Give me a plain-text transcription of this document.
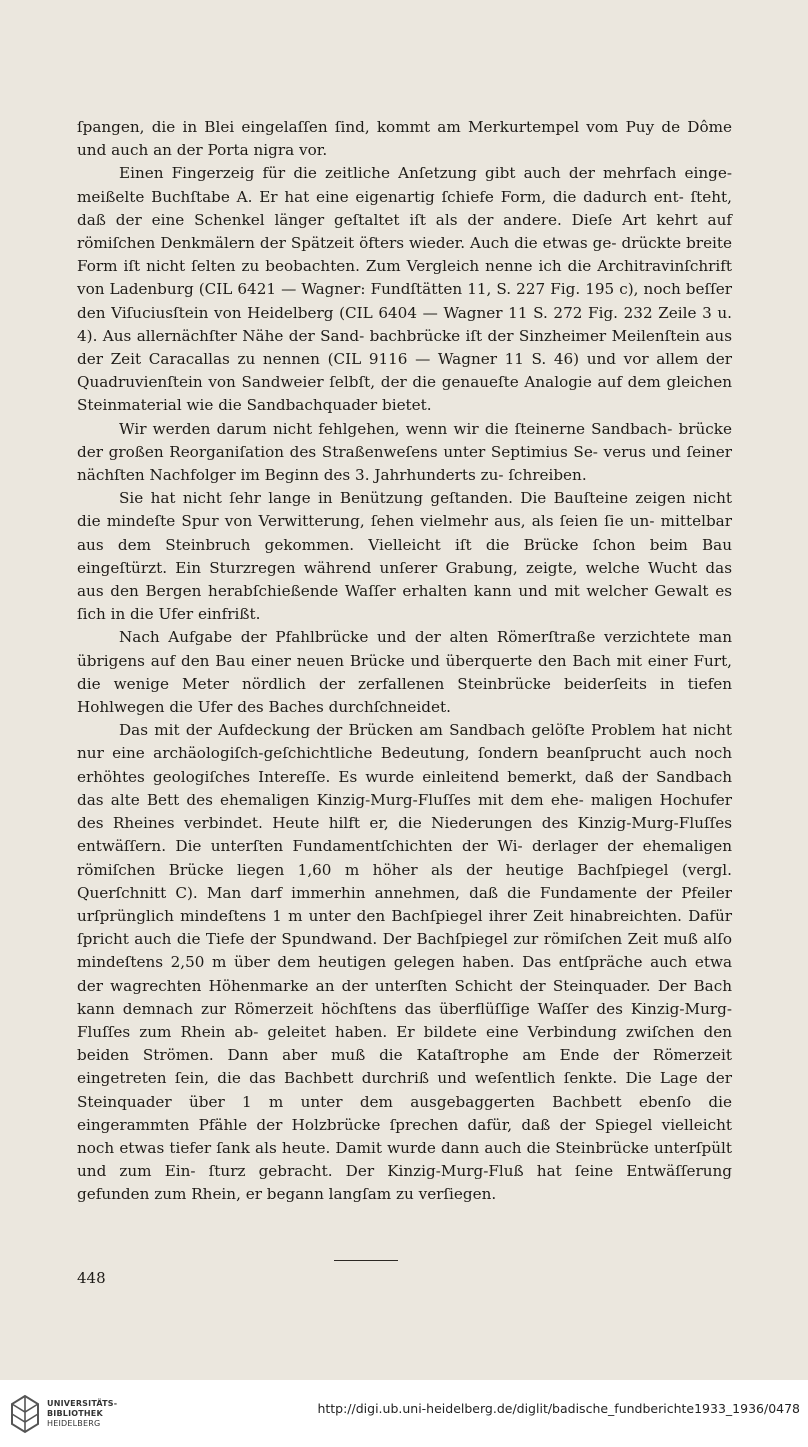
ſpangen, die in Blei eingelaſſen ſind, kommt am Merkurtempel vom Puy de Dôme und auch an der Porta nigra vor.

Einen Fingerzeig für die zeitliche Anſetzung gibt auch der mehrfach einge- meißelte Buchſtabe A. Er hat eine eigenartig ſchiefe Form, die dadurch ent- ſteht, daß der eine Schenkel länger geſtaltet iſt als der andere. Dieſe Art kehrt auf römiſchen Denkmälern der Spätzeit öfters wieder. Auch die etwas ge- drückte breite Form iſt nicht ſelten zu beobachten. Zum Vergleich nenne ich die Architravinſchrift von Ladenburg (CIL 6421 — Wagner: Fundſtätten 11, S. 227 Fig. 195 c), noch beſſer den Viſuciusſtein von Heidelberg (CIL 6404 — Wagner 11 S. 272 Fig. 232 Zeile 3 u. 4). Aus allernächſter Nähe der Sand- bachbrücke iſt der Sinzheimer Meilenſtein aus der Zeit Caracallas zu nennen (CIL 9116 — Wagner 11 S. 46) und vor allem der Quadruvienſtein von Sandweier ſelbſt, der die genaueſte Analogie auf dem gleichen Steinmaterial wie die Sandbachquader bietet.

Wir werden darum nicht fehlgehen, wenn wir die ſteinerne Sandbach- brücke der großen Reorganiſation des Straßenweſens unter Septimius Se- verus und ſeiner nächſten Nachfolger im Beginn des 3. Jahrhunderts zu- ſchreiben.

Sie hat nicht ſehr lange in Benützung geſtanden. Die Bauſteine zeigen nicht die mindeſte Spur von Verwitterung, ſehen vielmehr aus, als ſeien ſie un- mittelbar aus dem Steinbruch gekommen. Vielleicht iſt die Brücke ſchon beim Bau eingeſtürzt. Ein Sturzregen während unſerer Grabung, zeigte, welche Wucht das aus den Bergen herabſchießende Waſſer erhalten kann und mit welcher Gewalt es ſich in die Ufer einfrißt.

Nach Aufgabe der Pfahlbrücke und der alten Römerſtraße verzichtete man übrigens auf den Bau einer neuen Brücke und überquerte den Bach mit einer Furt, die wenige Meter nördlich der zerfallenen Steinbrücke beiderſeits in tiefen Hohlwegen die Ufer des Baches durchſchneidet.

Das mit der Aufdeckung der Brücken am Sandbach gelöſte Problem hat nicht nur eine archäologiſch-geſchichtliche Bedeutung, ſondern beanſprucht auch noch erhöhtes geologiſches Intereſſe. Es wurde einleitend bemerkt, daß der Sandbach das alte Bett des ehemaligen Kinzig-Murg-Fluſſes mit dem ehe- maligen Hochufer des Rheines verbindet. Heute hilft er, die Niederungen des Kinzig-Murg-Fluſſes entwäſſern. Die unterſten Fundamentſchichten der Wi- derlager der ehemaligen römiſchen Brücke liegen 1,60 m höher als der heutige Bachſpiegel (vergl. Querſchnitt C). Man darf immerhin annehmen, daß die Fundamente der Pfeiler urſprünglich mindeſtens 1 m unter den Bachſpiegel ihrer Zeit hinabreichten. Dafür ſpricht auch die Tiefe der Spundwand. Der Bachſpiegel zur römiſchen Zeit muß alſo mindeſtens 2,50 m über dem heutigen gelegen haben. Das entſpräche auch etwa der wagrechten Höhenmarke an der unterſten Schicht der Steinquader. Der Bach kann demnach zur Römerzeit höchſtens das überflüſſige Waſſer des Kinzig-Murg-Fluſſes zum Rhein ab- geleitet haben. Er bildete eine Verbindung zwiſchen den beiden Strömen. Dann aber muß die Kataſtrophe am Ende der Römerzeit eingetreten ſein, die das Bachbett durchriß und weſentlich ſenkte. Die Lage der Steinquader über 1 m unter dem ausgebaggerten Bachbett ebenſo die eingerammten Pfähle der Holzbrücke ſprechen dafür, daß der Spiegel vielleicht noch etwas tiefer ſank als heute. Damit wurde dann auch die Steinbrücke unterſpült und zum Ein- ſturz gebracht. Der Kinzig-Murg-Fluß hat ſeine Entwäſſerung gefunden zum Rhein, er begann langſam zu verſiegen.

448
UNIVERSITÄTS-
BIBLIOTHEK
HEIDELBERG
http://digi.ub.uni-heidelberg.de/diglit/badische_fundberichte1933_1936/0478
